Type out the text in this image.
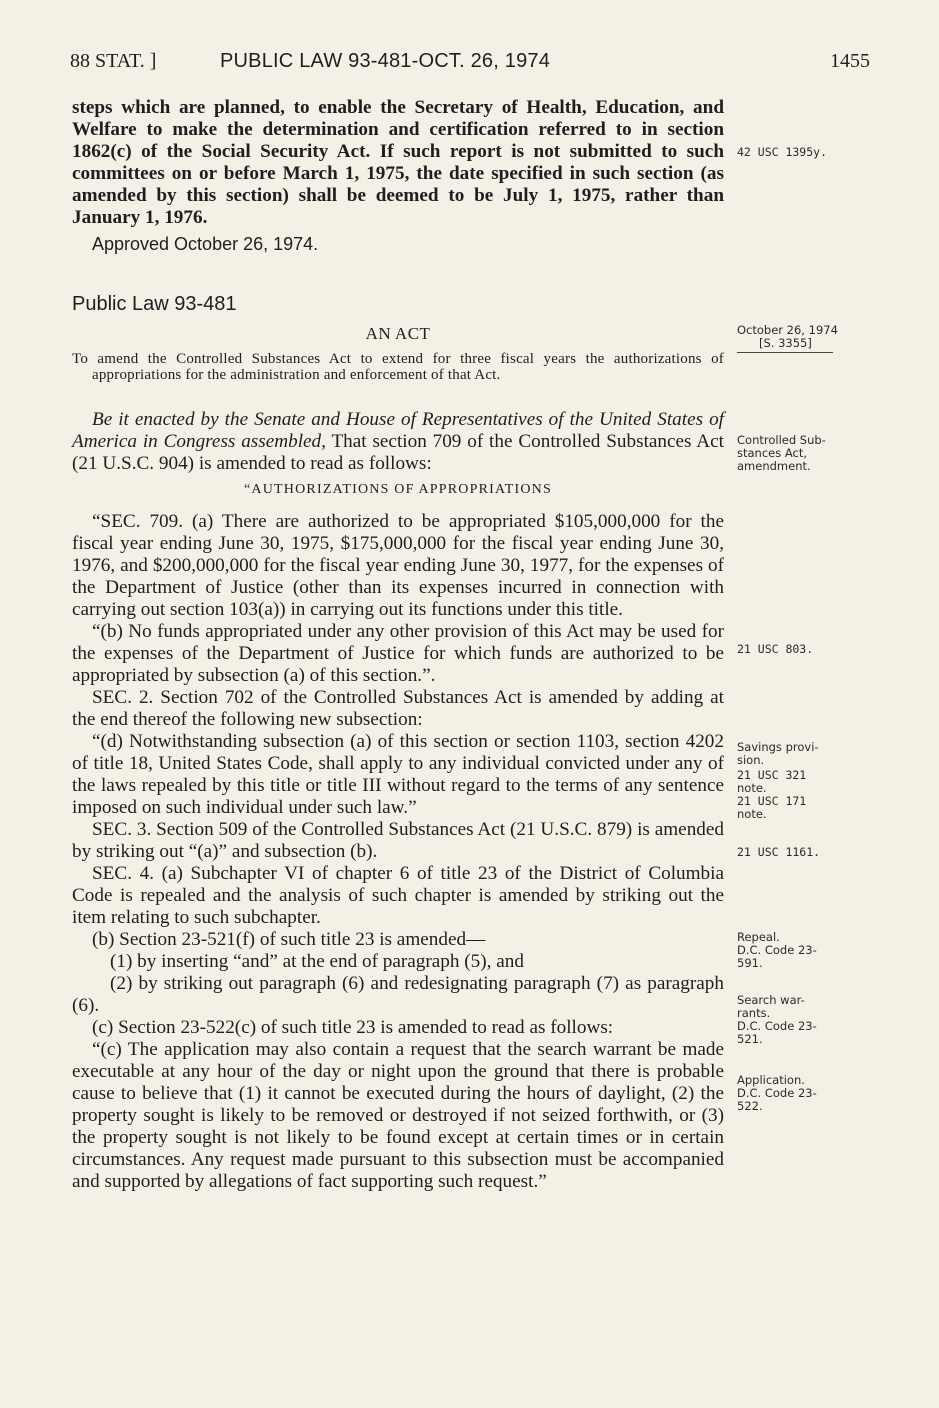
88 STAT. ]	PUBLIC LAW 93-481-OCT. 26, 1974	1455

steps which are planned, to enable the Secretary of Health, Education, and Welfare to make the determination and certification referred to in section 1862(c) of the Social Security Act. If such report is not submitted to such committees on or before March 1, 1975, the date specified in such section (as amended by this section) shall be deemed to be July 1, 1975, rather than January 1, 1976.

Approved October 26, 1974.

Public Law 93-481

AN ACT

To amend the Controlled Substances Act to extend for three fiscal years the authorizations of appropriations for the administration and enforcement of that Act.

Be it enacted by the Senate and House of Representatives of the United States of America in Congress assembled, That section 709 of the Controlled Substances Act (21 U.S.C. 904) is amended to read as follows:

“AUTHORIZATIONS OF APPROPRIATIONS

“SEC. 709. (a) There are authorized to be appropriated $105,000,000 for the fiscal year ending June 30, 1975, $175,000,000 for the fiscal year ending June 30, 1976, and $200,000,000 for the fiscal year ending June 30, 1977, for the expenses of the Department of Justice (other than its expenses incurred in connection with carrying out section 103(a)) in carrying out its functions under this title.

“(b) No funds appropriated under any other provision of this Act may be used for the expenses of the Department of Justice for which funds are authorized to be appropriated by subsection (a) of this section.”.

SEC. 2. Section 702 of the Controlled Substances Act is amended by adding at the end thereof the following new subsection:

“(d) Notwithstanding subsection (a) of this section or section 1103, section 4202 of title 18, United States Code, shall apply to any individual convicted under any of the laws repealed by this title or title III without regard to the terms of any sentence imposed on such individual under such law.”

SEC. 3. Section 509 of the Controlled Substances Act (21 U.S.C. 879) is amended by striking out “(a)” and subsection (b).

SEC. 4. (a) Subchapter VI of chapter 6 of title 23 of the District of Columbia Code is repealed and the analysis of such chapter is amended by striking out the item relating to such subchapter.

(b) Section 23-521(f) of such title 23 is amended—

(1) by inserting “and” at the end of paragraph (5), and

(2) by striking out paragraph (6) and redesignating paragraph (7) as paragraph (6).

(c) Section 23-522(c) of such title 23 is amended to read as follows:

“(c) The application may also contain a request that the search warrant be made executable at any hour of the day or night upon the ground that there is probable cause to believe that (1) it cannot be executed during the hours of daylight, (2) the property sought is likely to be removed or destroyed if not seized forthwith, or (3) the property sought is not likely to be found except at certain times or in certain circumstances. Any request made pursuant to this subsection must be accompanied and supported by allegations of fact supporting such request.”

42 USC 1395y.
October 26, 1974
[S. 3355]
Controlled Sub-
stances Act,
amendment.
21 USC 803.
Savings provi-
sion.
21 USC 321
note.
21 USC 171
note.
21 USC 1161.
Repeal.
D.C. Code 23-
591.
Search war-
rants.
D.C. Code 23-
521.
Application.
D.C. Code 23-
522.
